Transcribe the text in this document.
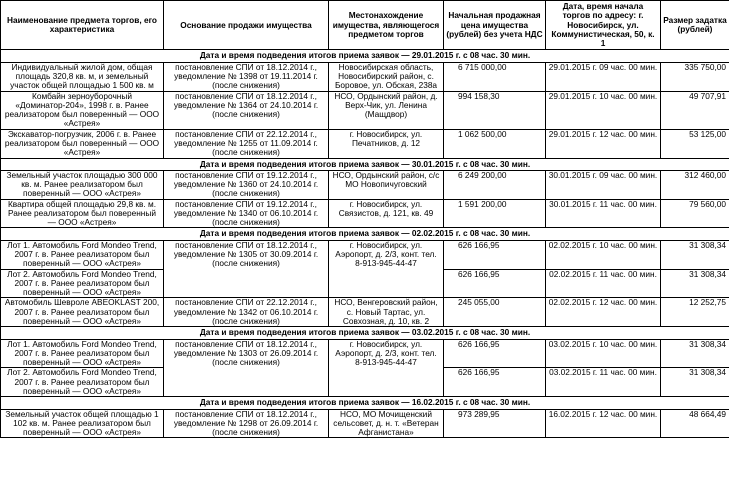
Наименование предмета торгов, его характеристика	Основание продажи имущества	Местонахождение имущества, являющегося предметом торгов	Начальная продажная цена имущества (рублей) без учета НДС	Дата, время начала торгов по адресу: г. Новосибирск, ул. Коммунистическая, 50, к. 1	Размер задатка (рублей)
Дата и время подведения итогов приема заявок — 29.01.2015 г. с 08 час. 30 мин.					
Индивидуальный жилой дом, общая площадь 320,8 кв. м, и земельный участок общей площадью 1 500 кв. м	постановление СПИ от 18.12.2014 г., уведомление № 1398 от 19.11.2014 г. (после снижения)	Новосибирская область, Новосибирский район, с. Боровое, ул. Обская, 238а	6 715 000,00	29.01.2015 г. 09 час. 00 мин.	335 750,00
Комбайн зерноуборочный «Доминатор-204», 1998 г. в. Ранее реализатором был поверенный — ООО «Астрея»	постановление СПИ от 18.12.2014 г., уведомление № 1364 от 24.10.2014 г. (после снижения)	НСО, Ордынский район, д. Верх-Чик, ул. Ленина (Мащдвор)	994 158,30	29.01.2015 г. 10 час. 00 мин.	49 707,91
Экскаватор-погрузчик, 2006 г. в. Ранее реализатором был поверенный — ООО «Астрея»	постановление СПИ от 22.12.2014 г., уведомление № 1255 от 11.09.2014 г. (после снижения)	г. Новосибирск, ул. Печатников, д. 12	1 062 500,00	29.01.2015 г. 12 час. 00 мин.	53 125,00
Дата и время подведения итогов приема заявок — 30.01.2015 г. с 08 час. 30 мин.					
Земельный участок площадью 300 000 кв. м. Ранее реализатором был поверенный — ООО «Астрея»	постановление СПИ от 19.12.2014 г., уведомление № 1360 от 24.10.2014 г. (после снижения)	НСО, Ордынский район, с/с МО Новопичуговский	6 249 200,00	30.01.2015 г. 09 час. 00 мин.	312 460,00
Квартира общей площадью 29,8 кв. м. Ранее реализатором был поверенный — ООО «Астрея»	постановление СПИ от 19.12.2014 г., уведомление № 1340 от 06.10.2014 г. (после снижения)	г. Новосибирск, ул. Связистов, д. 121, кв. 49	1 591 200,00	30.01.2015 г. 11 час. 00 мин.	79 560,00
Дата и время подведения итогов приема заявок — 02.02.2015 г. с 08 час. 30 мин.					
Лот 1. Автомобиль Ford Mondeo Trend, 2007 г. в. Ранее реализатором был поверенный — ООО «Астрея»	постановление СПИ от 18.12.2014 г., уведомление № 1305 от 30.09.2014 г. (после снижения)	г. Новосибирск, ул. Аэропорт, д. 2/3, конт. тел. 8-913-945-44-47	626 166,95	02.02.2015 г. 10 час. 00 мин.	31 308,34
Лот 2. Автомобиль Ford Mondeo Trend, 2007 г. в. Ранее реализатором был поверенный — ООО «Астрея»			626 166,95	02.02.2015 г. 11 час. 00 мин.	31 308,34
Автомобиль Шевроле ABEOKLAST 200, 2007 г. в. Ранее реализатором был поверенный — ООО «Астрея»	постановление СПИ от 22.12.2014 г., уведомление № 1342 от 06.10.2014 г. (после снижения)	НСО, Венгеровский район, с. Новый Тартас, ул. Совхозная, д. 10, кв. 2	245 055,00	02.02.2015 г. 12 час. 00 мин.	12 252,75
Дата и время подведения итогов приема заявок — 03.02.2015 г. с 08 час. 30 мин.					
Лот 1. Автомобиль Ford Mondeo Trend, 2007 г. в. Ранее реализатором был поверенный — ООО «Астрея»	постановление СПИ от 18.12.2014 г., уведомление № 1303 от 26.09.2014 г. (после снижения)	г. Новосибирск, ул. Аэропорт, д. 2/3, конт. тел. 8-913-945-44-47	626 166,95	03.02.2015 г. 10 час. 00 мин.	31 308,34
Лот 2. Автомобиль Ford Mondeo Trend, 2007 г. в. Ранее реализатором был поверенный — ООО «Астрея»			626 166,95	03.02.2015 г. 11 час. 00 мин.	31 308,34
Дата и время подведения итогов приема заявок — 16.02.2015 г. с 08 час. 30 мин.					
Земельный участок общей площадью 1 102 кв. м. Ранее реализатором был поверенный — ООО «Астрея»	постановление СПИ от 18.12.2014 г., уведомление № 1298 от 26.09.2014 г. (после снижения)	НСО, МО Мочищенский сельсовет, д. н. т. «Ветеран Афганистана»	973 289,95	16.02.2015 г. 12 час. 00 мин.	48 664,49
